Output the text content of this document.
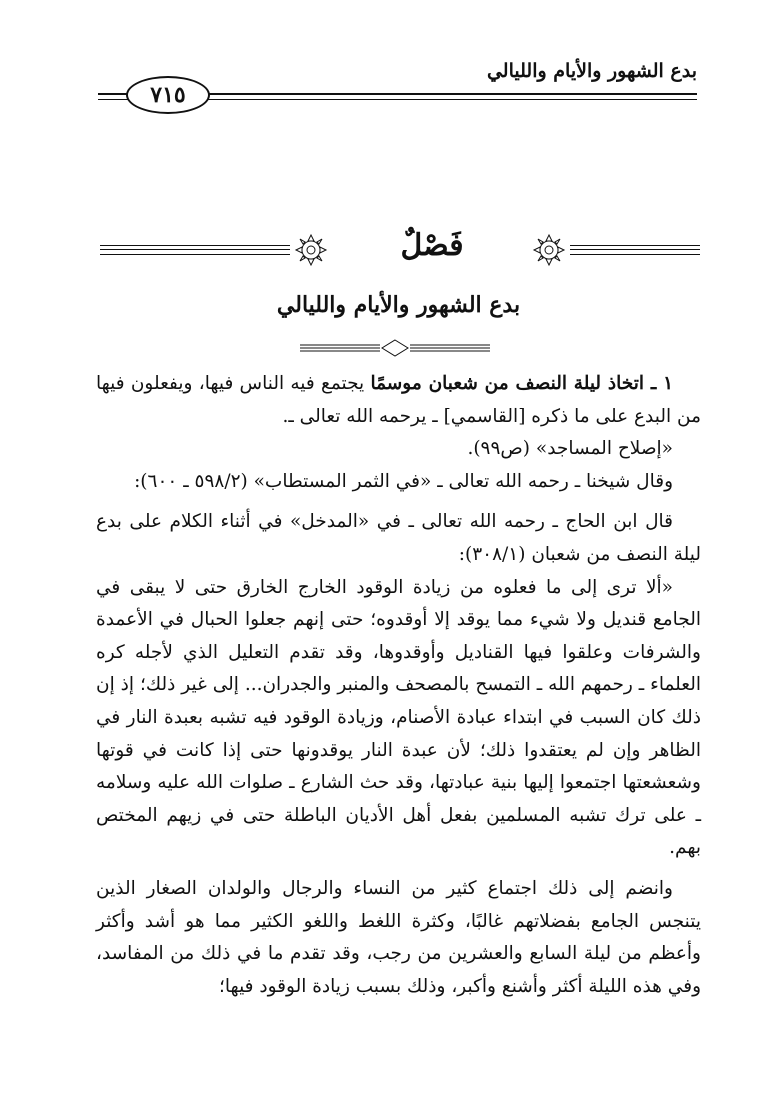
بدع الشهور والأيام والليالي
٧١٥
فَصْلٌ
بدع الشهور والأيام والليالي

١ ـ اتخاذ ليلة النصف من شعبان موسمًا يجتمع فيه الناس فيها، ويفعلون فيها من البدع على ما ذكره [القاسمي] ـ يرحمه الله تعالى ـ.

«إصلاح المساجد» (ص٩٩).

وقال شيخنا ـ رحمه الله تعالى ـ «في الثمر المستطاب» (٥٩٨/٢ ـ ٦٠٠):

قال ابن الحاج ـ رحمه الله تعالى ـ في «المدخل» في أثناء الكلام على بدع ليلة النصف من شعبان (٣٠٨/١):

«ألا ترى إلى ما فعلوه من زيادة الوقود الخارج الخارق حتى لا يبقى في الجامع قنديل ولا شيء مما يوقد إلا أوقدوه؛ حتى إنهم جعلوا الحبال في الأعمدة والشرفات وعلقوا فيها القناديل وأوقدوها، وقد تقدم التعليل الذي لأجله كره العلماء ـ رحمهم الله ـ التمسح بالمصحف والمنبر والجدران... إلى غير ذلك؛ إذ إن ذلك كان السبب في ابتداء عبادة الأصنام، وزيادة الوقود فيه تشبه بعبدة النار في الظاهر وإن لم يعتقدوا ذلك؛ لأن عبدة النار يوقدونها حتى إذا كانت في قوتها وشعشعتها اجتمعوا إليها بنية عبادتها، وقد حث الشارع ـ صلوات الله عليه وسلامه ـ على ترك تشبه المسلمين بفعل أهل الأديان الباطلة حتى في زيهم المختص بهم.

وانضم إلى ذلك اجتماع كثير من النساء والرجال والولدان الصغار الذين يتنجس الجامع بفضلاتهم غالبًا، وكثرة اللغط واللغو الكثير مما هو أشد وأكثر وأعظم من ليلة السابع والعشرين من رجب، وقد تقدم ما في ذلك من المفاسد، وفي هذه الليلة أكثر وأشنع وأكبر، وذلك بسبب زيادة الوقود فيها؛
